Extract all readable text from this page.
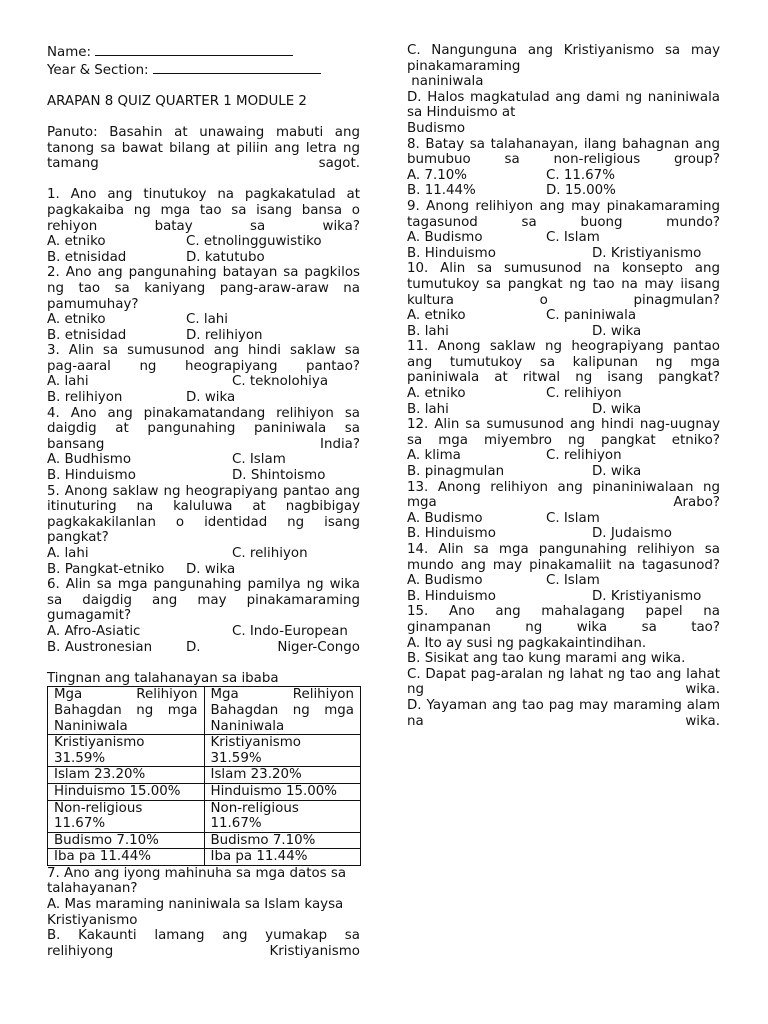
Name:
Year & Section:
ARAPAN 8 QUIZ QUARTER 1 MODULE 2
Panuto: Basahin at unawaing mabuti ang tanong sa bawat bilang at piliin ang letra ng tamang sagot.
1. Ano ang tinutukoy na pagkakatulad at pagkakaiba ng mga tao sa isang bansa o rehiyon batay sa wika?
A. etniko	C. etnolingguwistiko
B. etnisidad	D. katutubo
2. Ano ang pangunahing batayan sa pagkilos ng tao sa kaniyang pang-araw-araw na pamumuhay?
A. etniko	C. lahi
B. etnisidad	D. relihiyon
3. Alin sa sumusunod ang hindi saklaw sa pag-aaral ng heograpiyang pantao?
A. lahi	C. teknolohiya
B. relihiyon	D. wika
4. Ano ang pinakamatandang relihiyon sa daigdig at pangunahing paniniwala sa bansang India?
A. Budhismo	C. Islam
B. Hinduismo	D. Shintoismo
5. Anong saklaw ng heograpiyang pantao ang itinuturing na kaluluwa at nagbibigay pagkakakilanlan o identidad ng isang pangkat?
A. lahi	C. relihiyon
B. Pangkat-etniko	D. wika
6. Alin sa mga pangunahing pamilya ng wika sa daigdig ang may pinakamaraming gumagamit?
A. Afro-Asiatic	C. Indo-European
B. Austronesian	D.	Niger-Congo
Tingnan ang talahanayan sa ibaba
Mga Relihiyon Bahagdan ng mga Naniniwala	Mga Relihiyon Bahagdan ng mga Naniniwala
Kristiyanismo 31.59%	Kristiyanismo 31.59%
Islam 23.20%	Islam 23.20%
Hinduismo 15.00%	Hinduismo 15.00%
Non-religious 11.67%	Non-religious 11.67%
Budismo 7.10%	Budismo 7.10%
Iba pa 11.44%	Iba pa 11.44%
7. Ano ang iyong mahinuha sa mga datos sa talahayanan?
A. Mas maraming naniniwala sa Islam kaysa Kristiyanismo
B. Kakaunti lamang ang yumakap sa relihiyong Kristiyanismo
C. Nangunguna ang Kristiyanismo sa may pinakamaraming
naniniwala
D. Halos magkatulad ang dami ng naniniwala sa Hinduismo at
Budismo
8. Batay sa talahanayan, ilang bahagnan ang bumubuo sa non-religious group?
A. 7.10%	C. 11.67%
B. 11.44%	D. 15.00%
9. Anong relihiyon ang may pinakamaraming tagasunod sa buong mundo?
A. Budismo	C. Islam
B. Hinduismo	D. Kristiyanismo
10. Alin sa sumusunod na konsepto ang tumutukoy sa pangkat ng tao na may iisang kultura o pinagmulan?
A. etniko	C. paniniwala
B. lahi	D. wika
11. Anong saklaw ng heograpiyang pantao ang tumutukoy sa kalipunan ng mga paniniwala at ritwal ng isang pangkat?
A. etniko	C. relihiyon
B. lahi	D. wika
12. Alin sa sumusunod ang hindi nag-uugnay sa mga miyembro ng pangkat etniko?
A. klima	C. relihiyon
B. pinagmulan	D. wika
13. Anong relihiyon ang pinaniniwalaan ng mga Arabo?
A. Budismo	C. Islam
B. Hinduismo	D. Judaismo
14. Alin sa mga pangunahing relihiyon sa mundo ang may pinakamaliit na tagasunod?
A. Budismo	C. Islam
B. Hinduismo	D. Kristiyanismo
15. Ano ang mahalagang papel na ginampanan ng wika sa tao?
A. Ito ay susi ng pagkakaintindihan.
B. Sisikat ang tao kung marami ang wika.
C. Dapat pag-aralan ng lahat ng tao ang lahat ng wika.
D. Yayaman ang tao pag may maraming alam na wika.
